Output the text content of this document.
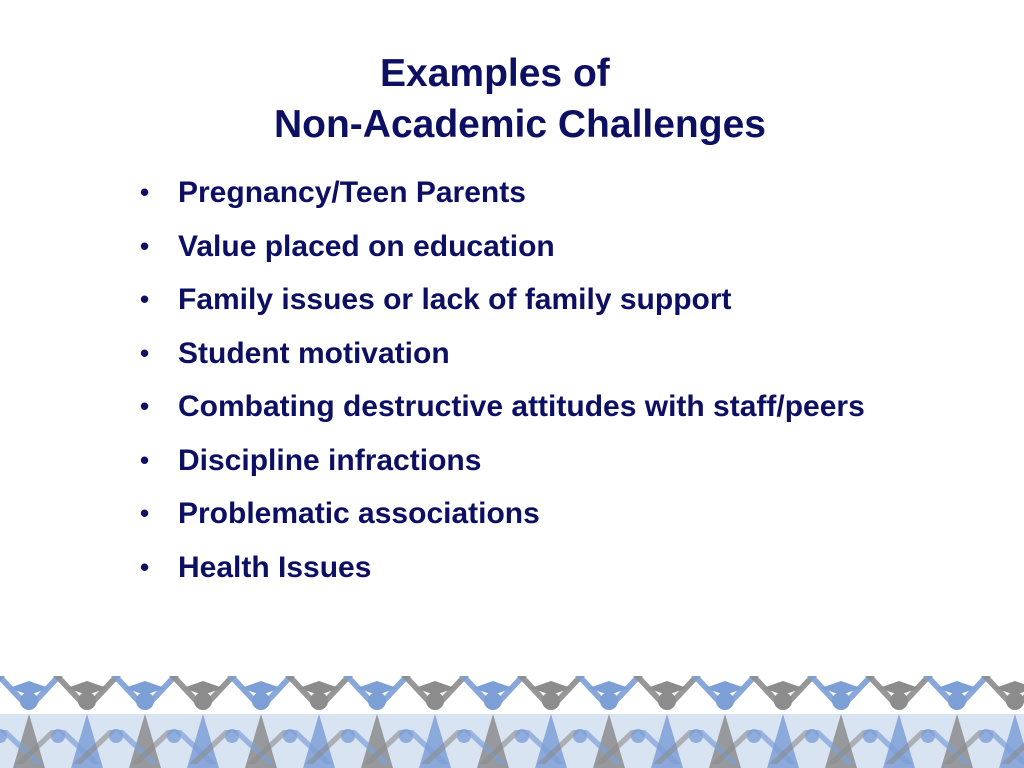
Examples of
Non-Academic Challenges
• Pregnancy/Teen Parents
• Value placed on education
• Family issues or lack of family support
• Student motivation
• Combating destructive attitudes with staff/peers
• Discipline infractions
• Problematic associations
• Health Issues
